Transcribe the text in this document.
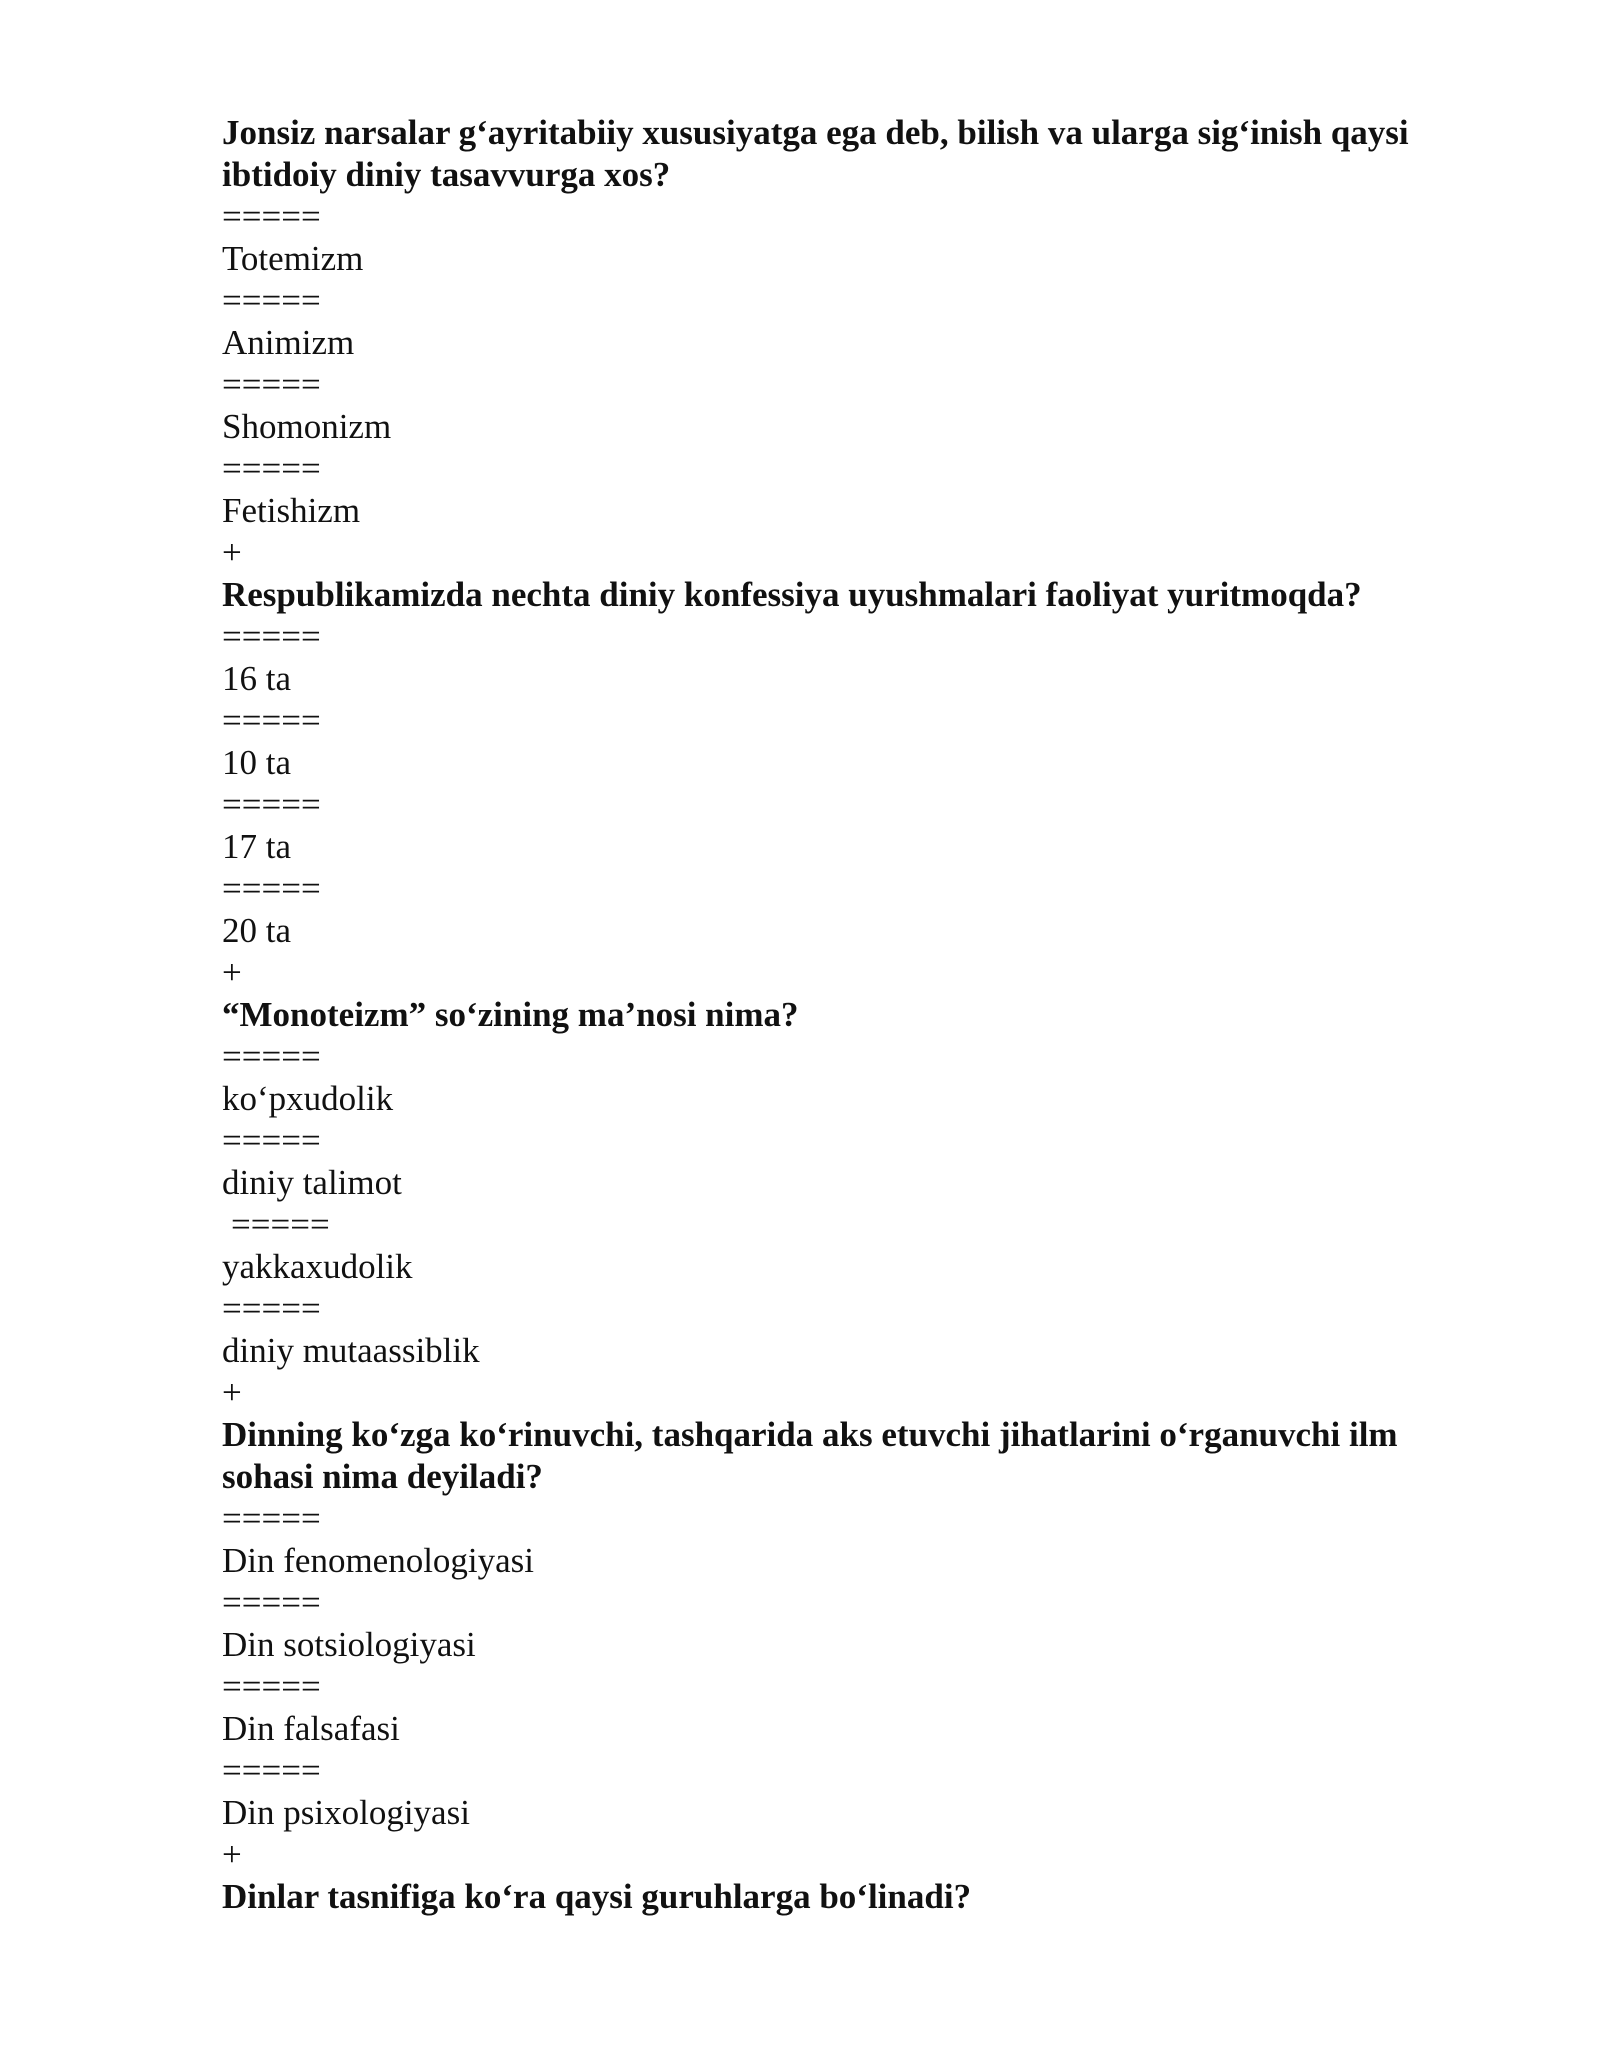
Jonsiz narsalar g‘ayritabiiy xususiyatga ega deb, bilish va ularga sig‘inish qaysi ibtidoiy diniy tasavvurga xos?

=====

Totemizm

=====

Animizm

=====

Shomonizm

=====

Fetishizm

+

Respublikamizda nechta diniy konfessiya uyushmalari faoliyat yuritmoqda?

=====

16 ta

=====

10 ta

=====

17 ta

=====

20 ta

+

“Monoteizm” so‘zining ma’nosi nima?

=====

ko‘pxudolik

=====

diniy talimot

=====

yakkaxudolik

=====

diniy mutaassiblik

+

Dinning ko‘zga ko‘rinuvchi, tashqarida aks etuvchi jihatlarini o‘rganuvchi ilm sohasi nima deyiladi?

=====

Din fenomenologiyasi

=====

Din sotsiologiyasi

=====

Din falsafasi

=====

Din psixologiyasi

+

Dinlar tasnifiga ko‘ra qaysi guruhlarga bo‘linadi?
